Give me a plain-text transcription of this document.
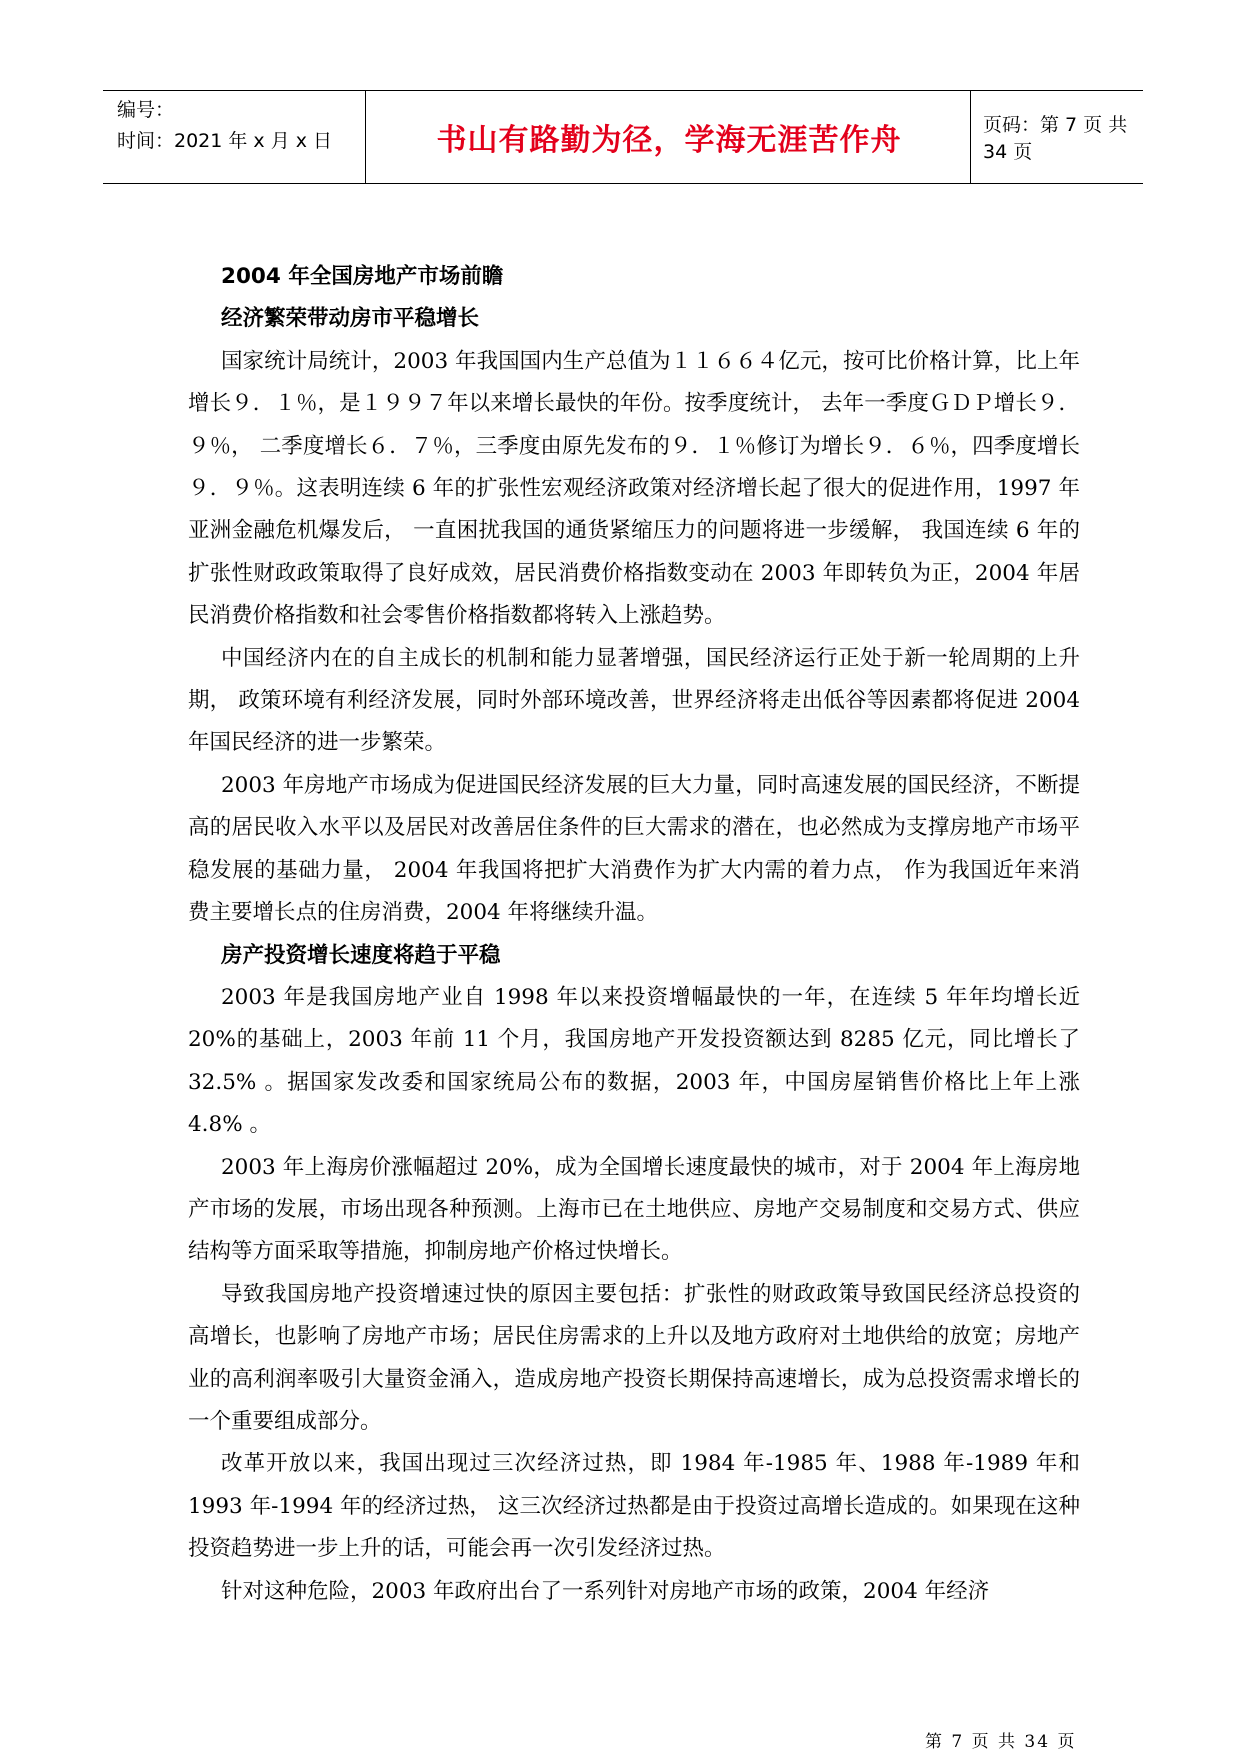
编号：
时间：2021 年 x 月 x 日	书山有路勤为径，学海无涯苦作舟	页码：第 7 页 共 34 页

2004 年全国房地产市场前瞻

经济繁荣带动房市平稳增长

国家统计局统计，2003 年我国国内生产总值为１１６６４亿元，按可比价格计算，比上年增长９．１％，是１９９７年以来增长最快的年份。按季度统计， 去年一季度ＧＤＰ增长９．９％， 二季度增长６．７％，三季度由原先发布的９．１％修订为增长９．６％，四季度增长９．９％。这表明连续 6 年的扩张性宏观经济政策对经济增长起了很大的促进作用，1997 年亚洲金融危机爆发后， 一直困扰我国的通货紧缩压力的问题将进一步缓解， 我国连续 6 年的扩张性财政政策取得了良好成效，居民消费价格指数变动在 2003 年即转负为正，2004 年居民消费价格指数和社会零售价格指数都将转入上涨趋势。

中国经济内在的自主成长的机制和能力显著增强，国民经济运行正处于新一轮周期的上升期， 政策环境有利经济发展，同时外部环境改善，世界经济将走出低谷等因素都将促进 2004 年国民经济的进一步繁荣。

2003 年房地产市场成为促进国民经济发展的巨大力量，同时高速发展的国民经济，不断提高的居民收入水平以及居民对改善居住条件的巨大需求的潜在，也必然成为支撑房地产市场平稳发展的基础力量， 2004 年我国将把扩大消费作为扩大内需的着力点， 作为我国近年来消费主要增长点的住房消费，2004 年将继续升温。

房产投资增长速度将趋于平稳

2003 年是我国房地产业自 1998 年以来投资增幅最快的一年，在连续 5 年年均增长近 20%的基础上，2003 年前 11 个月，我国房地产开发投资额达到 8285 亿元，同比增长了 32.5% 。据国家发改委和国家统局公布的数据，2003 年，中国房屋销售价格比上年上涨 4.8% 。

2003 年上海房价涨幅超过 20%，成为全国增长速度最快的城市，对于 2004 年上海房地产市场的发展，市场出现各种预测。上海市已在土地供应、房地产交易制度和交易方式、供应结构等方面采取等措施，抑制房地产价格过快增长。

导致我国房地产投资增速过快的原因主要包括：扩张性的财政政策导致国民经济总投资的高增长，也影响了房地产市场；居民住房需求的上升以及地方政府对土地供给的放宽；房地产业的高利润率吸引大量资金涌入，造成房地产投资长期保持高速增长，成为总投资需求增长的一个重要组成部分。

改革开放以来，我国出现过三次经济过热，即 1984 年-1985 年、1988 年-1989 年和 1993 年-1994 年的经济过热， 这三次经济过热都是由于投资过高增长造成的。如果现在这种投资趋势进一步上升的话，可能会再一次引发经济过热。

针对这种危险，2003 年政府出台了一系列针对房地产市场的政策，2004 年经济

第 7 页 共 34 页
